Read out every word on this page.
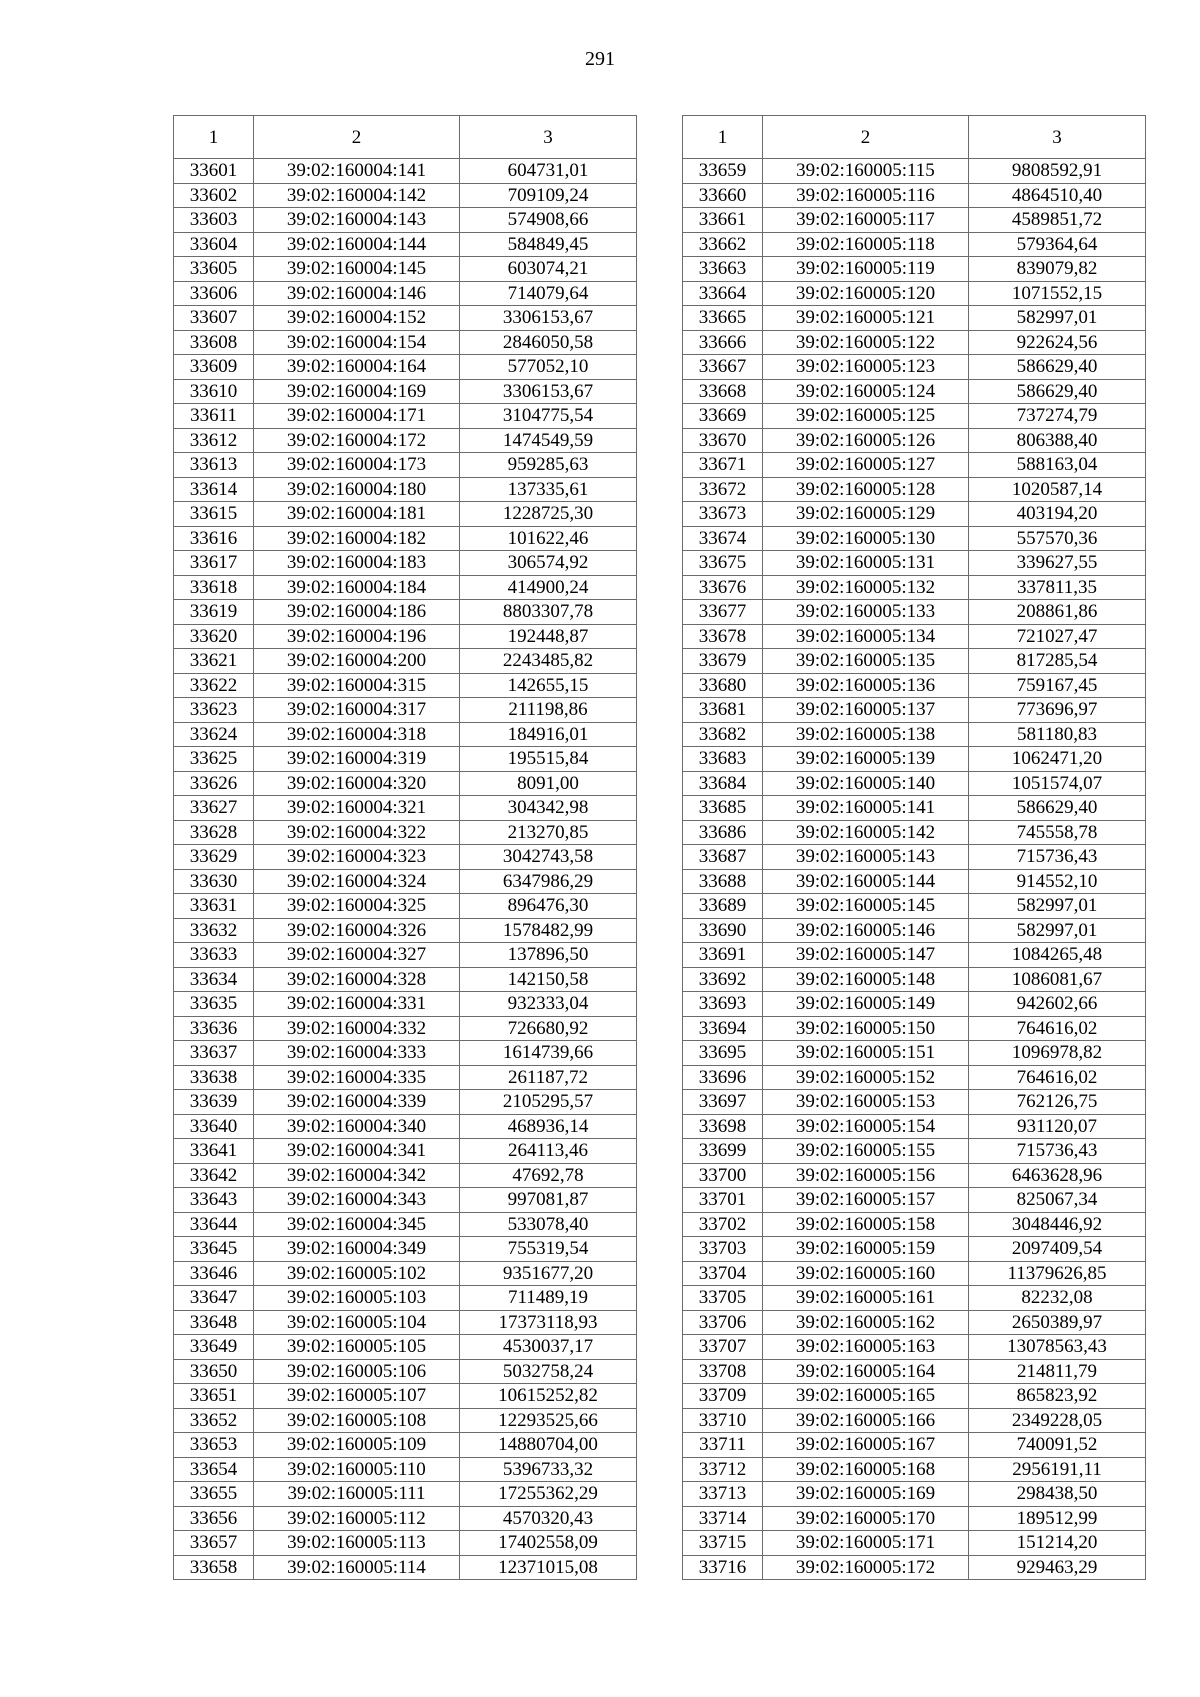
291
1	2	3
33601	39:02:160004:141	604731,01
33602	39:02:160004:142	709109,24
33603	39:02:160004:143	574908,66
33604	39:02:160004:144	584849,45
33605	39:02:160004:145	603074,21
33606	39:02:160004:146	714079,64
33607	39:02:160004:152	3306153,67
33608	39:02:160004:154	2846050,58
33609	39:02:160004:164	577052,10
33610	39:02:160004:169	3306153,67
33611	39:02:160004:171	3104775,54
33612	39:02:160004:172	1474549,59
33613	39:02:160004:173	959285,63
33614	39:02:160004:180	137335,61
33615	39:02:160004:181	1228725,30
33616	39:02:160004:182	101622,46
33617	39:02:160004:183	306574,92
33618	39:02:160004:184	414900,24
33619	39:02:160004:186	8803307,78
33620	39:02:160004:196	192448,87
33621	39:02:160004:200	2243485,82
33622	39:02:160004:315	142655,15
33623	39:02:160004:317	211198,86
33624	39:02:160004:318	184916,01
33625	39:02:160004:319	195515,84
33626	39:02:160004:320	8091,00
33627	39:02:160004:321	304342,98
33628	39:02:160004:322	213270,85
33629	39:02:160004:323	3042743,58
33630	39:02:160004:324	6347986,29
33631	39:02:160004:325	896476,30
33632	39:02:160004:326	1578482,99
33633	39:02:160004:327	137896,50
33634	39:02:160004:328	142150,58
33635	39:02:160004:331	932333,04
33636	39:02:160004:332	726680,92
33637	39:02:160004:333	1614739,66
33638	39:02:160004:335	261187,72
33639	39:02:160004:339	2105295,57
33640	39:02:160004:340	468936,14
33641	39:02:160004:341	264113,46
33642	39:02:160004:342	47692,78
33643	39:02:160004:343	997081,87
33644	39:02:160004:345	533078,40
33645	39:02:160004:349	755319,54
33646	39:02:160005:102	9351677,20
33647	39:02:160005:103	711489,19
33648	39:02:160005:104	17373118,93
33649	39:02:160005:105	4530037,17
33650	39:02:160005:106	5032758,24
33651	39:02:160005:107	10615252,82
33652	39:02:160005:108	12293525,66
33653	39:02:160005:109	14880704,00
33654	39:02:160005:110	5396733,32
33655	39:02:160005:111	17255362,29
33656	39:02:160005:112	4570320,43
33657	39:02:160005:113	17402558,09
33658	39:02:160005:114	12371015,08
1	2	3
33659	39:02:160005:115	9808592,91
33660	39:02:160005:116	4864510,40
33661	39:02:160005:117	4589851,72
33662	39:02:160005:118	579364,64
33663	39:02:160005:119	839079,82
33664	39:02:160005:120	1071552,15
33665	39:02:160005:121	582997,01
33666	39:02:160005:122	922624,56
33667	39:02:160005:123	586629,40
33668	39:02:160005:124	586629,40
33669	39:02:160005:125	737274,79
33670	39:02:160005:126	806388,40
33671	39:02:160005:127	588163,04
33672	39:02:160005:128	1020587,14
33673	39:02:160005:129	403194,20
33674	39:02:160005:130	557570,36
33675	39:02:160005:131	339627,55
33676	39:02:160005:132	337811,35
33677	39:02:160005:133	208861,86
33678	39:02:160005:134	721027,47
33679	39:02:160005:135	817285,54
33680	39:02:160005:136	759167,45
33681	39:02:160005:137	773696,97
33682	39:02:160005:138	581180,83
33683	39:02:160005:139	1062471,20
33684	39:02:160005:140	1051574,07
33685	39:02:160005:141	586629,40
33686	39:02:160005:142	745558,78
33687	39:02:160005:143	715736,43
33688	39:02:160005:144	914552,10
33689	39:02:160005:145	582997,01
33690	39:02:160005:146	582997,01
33691	39:02:160005:147	1084265,48
33692	39:02:160005:148	1086081,67
33693	39:02:160005:149	942602,66
33694	39:02:160005:150	764616,02
33695	39:02:160005:151	1096978,82
33696	39:02:160005:152	764616,02
33697	39:02:160005:153	762126,75
33698	39:02:160005:154	931120,07
33699	39:02:160005:155	715736,43
33700	39:02:160005:156	6463628,96
33701	39:02:160005:157	825067,34
33702	39:02:160005:158	3048446,92
33703	39:02:160005:159	2097409,54
33704	39:02:160005:160	11379626,85
33705	39:02:160005:161	82232,08
33706	39:02:160005:162	2650389,97
33707	39:02:160005:163	13078563,43
33708	39:02:160005:164	214811,79
33709	39:02:160005:165	865823,92
33710	39:02:160005:166	2349228,05
33711	39:02:160005:167	740091,52
33712	39:02:160005:168	2956191,11
33713	39:02:160005:169	298438,50
33714	39:02:160005:170	189512,99
33715	39:02:160005:171	151214,20
33716	39:02:160005:172	929463,29
